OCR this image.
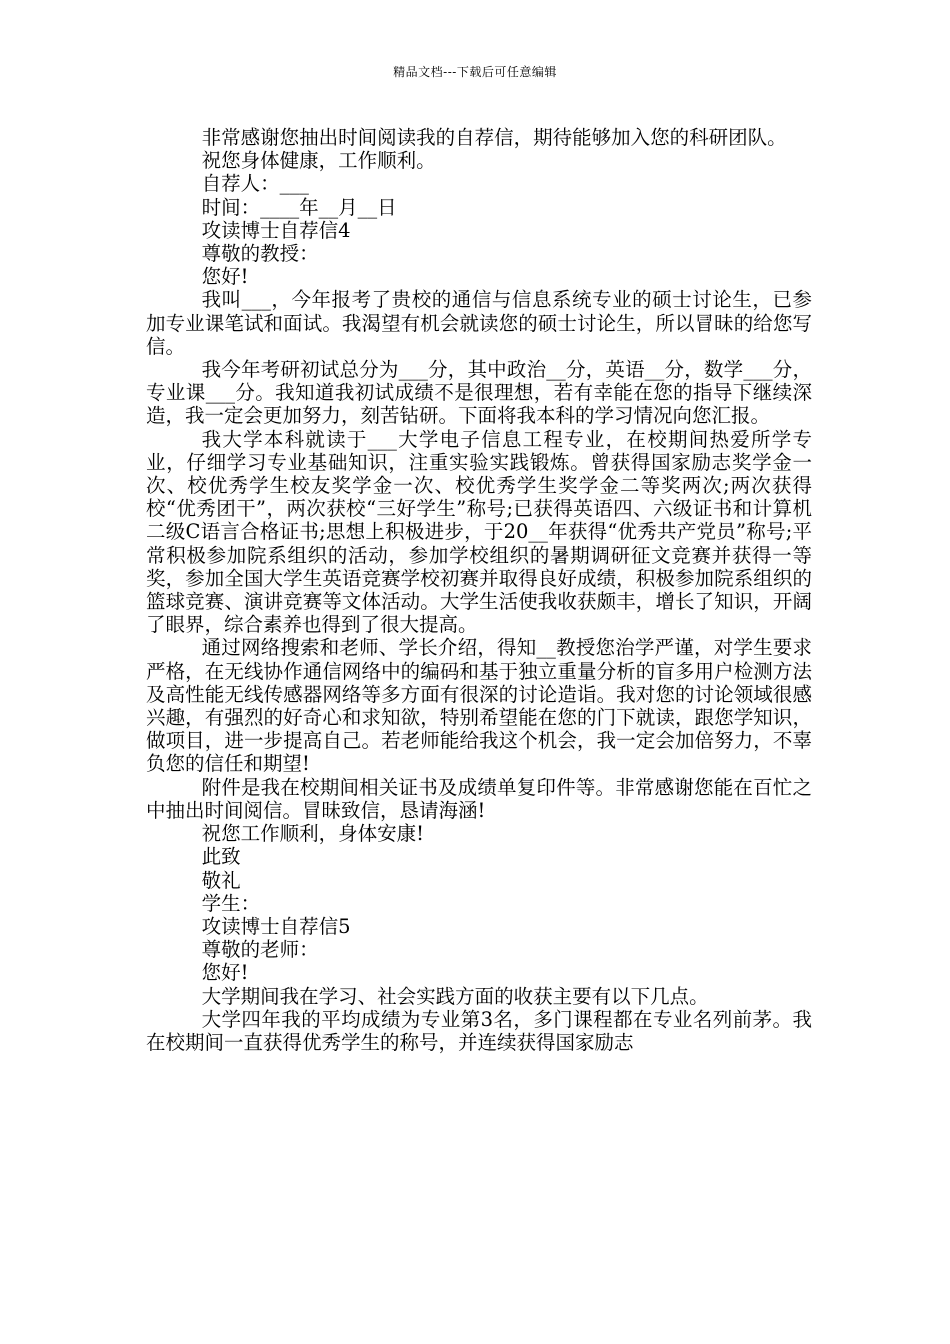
精品文档---下载后可任意编辑

非常感谢您抽出时间阅读我的自荐信，期待能够加入您的科研团队。

祝您身体健康，工作顺利。

自荐人：___

时间：____年__月__日

攻读博士自荐信4

尊敬的教授：

您好!

我叫___，今年报考了贵校的通信与信息系统专业的硕士讨论生，已参加专业课笔试和面试。我渴望有机会就读您的硕士讨论生，所以冒昧的给您写信。

我今年考研初试总分为___分，其中政治__分，英语__分，数学___分，专业课___分。我知道我初试成绩不是很理想，若有幸能在您的指导下继续深造，我一定会更加努力，刻苦钻研。下面将我本科的学习情况向您汇报。

我大学本科就读于___大学电子信息工程专业，在校期间热爱所学专业，仔细学习专业基础知识，注重实验实践锻炼。曾获得国家励志奖学金一次、校优秀学生校友奖学金一次、校优秀学生奖学金二等奖两次;两次获得校“优秀团干”，两次获校“三好学生”称号;已获得英语四、六级证书和计算机二级C语言合格证书;思想上积极进步，于20__年获得“优秀共产党员”称号;平常积极参加院系组织的活动，参加学校组织的暑期调研征文竞赛并获得一等奖，参加全国大学生英语竞赛学校初赛并取得良好成绩，积极参加院系组织的篮球竞赛、演讲竞赛等文体活动。大学生活使我收获颇丰，增长了知识，开阔了眼界，综合素养也得到了很大提高。

通过网络搜索和老师、学长介绍，得知__教授您治学严谨，对学生要求严格，在无线协作通信网络中的编码和基于独立重量分析的盲多用户检测方法及高性能无线传感器网络等多方面有很深的讨论造诣。我对您的讨论领域很感兴趣，有强烈的好奇心和求知欲，特别希望能在您的门下就读，跟您学知识，做项目，进一步提高自己。若老师能给我这个机会，我一定会加倍努力，不辜负您的信任和期望!

附件是我在校期间相关证书及成绩单复印件等。非常感谢您能在百忙之中抽出时间阅信。冒昧致信，恳请海涵!

祝您工作顺利，身体安康!

此致

敬礼

学生：

攻读博士自荐信5

尊敬的老师：

您好!

大学期间我在学习、社会实践方面的收获主要有以下几点。

大学四年我的平均成绩为专业第3名，多门课程都在专业名列前茅。我在校期间一直获得优秀学生的称号，并连续获得国家励志
